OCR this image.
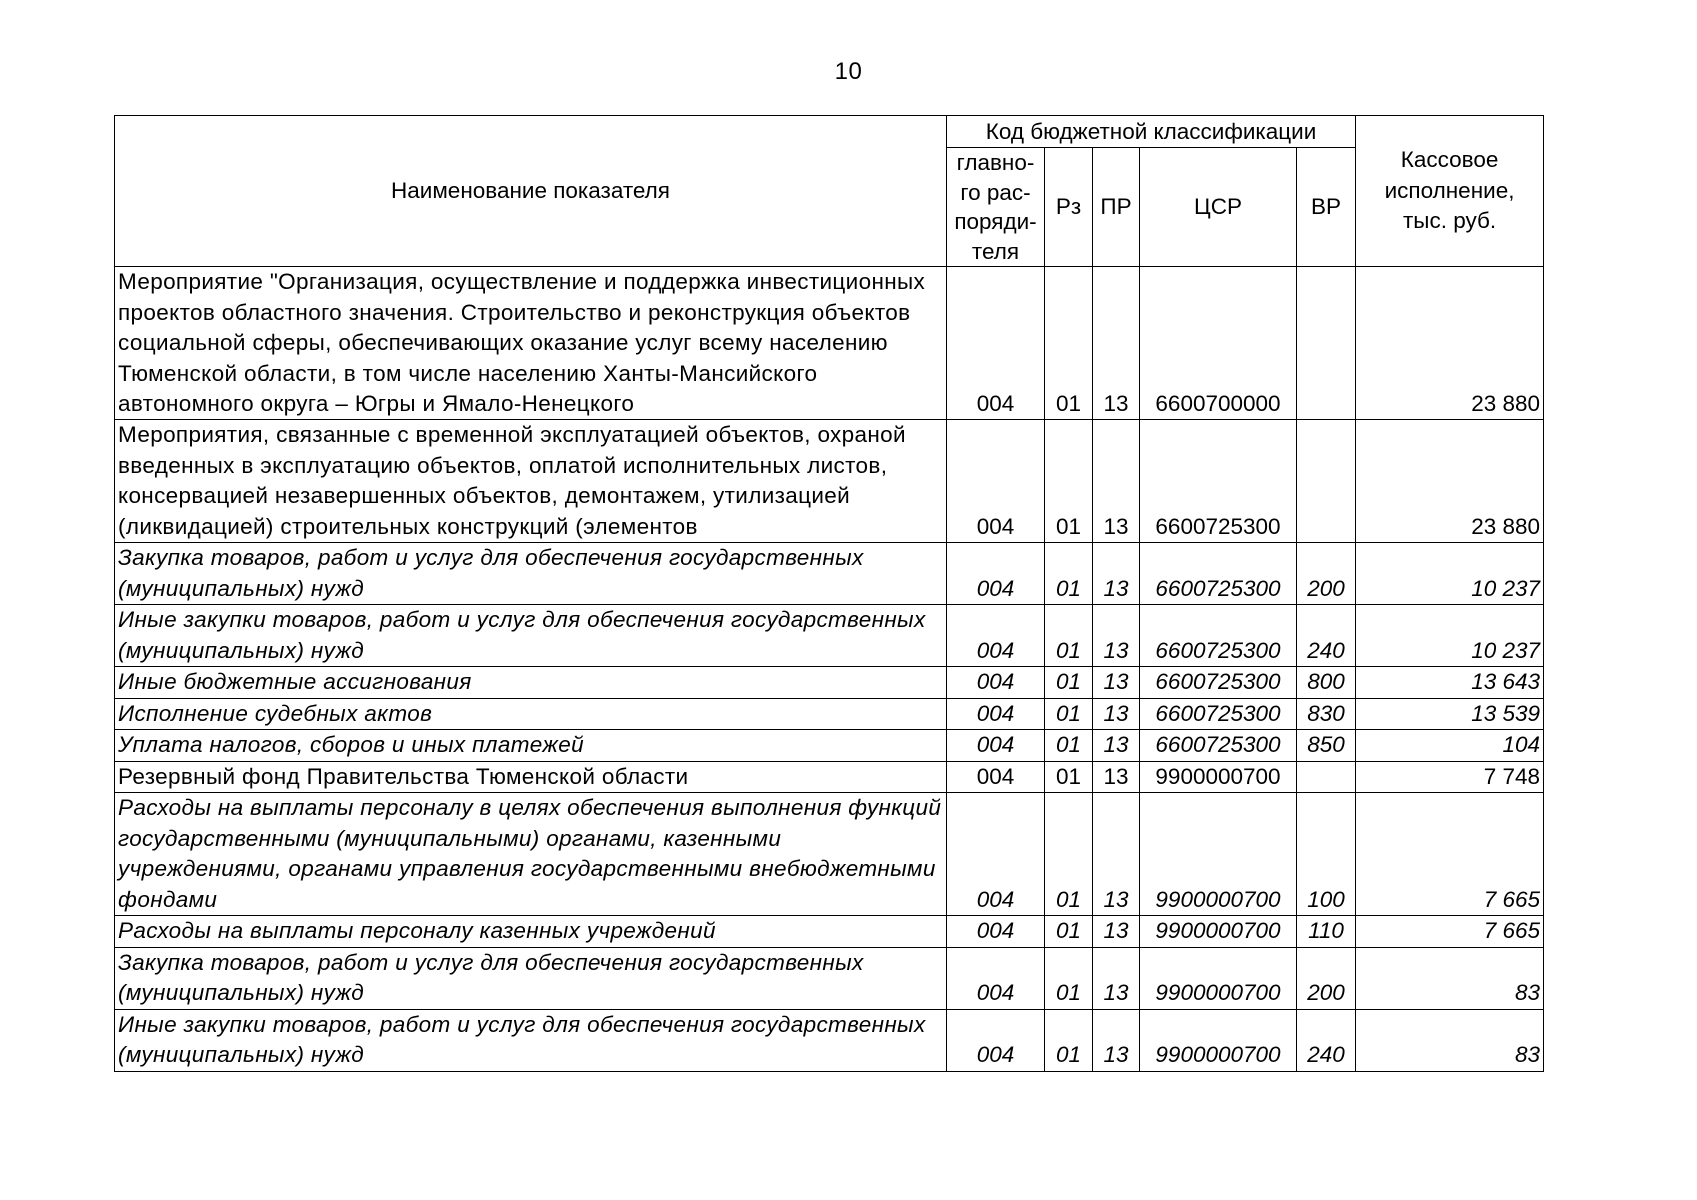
10
Наименование показателя	Код бюджетной классификации					Кассовое
исполнение,
тыс. руб.
	главно-
го рас-
поряди-
теля	Рз	ПР	ЦСР	ВР	

Мероприятие "Организация, осуществление и поддержка инвестиционных проектов областного значения. Строительство и реконструкция объектов социальной сферы, обеспечивающих оказание услуг всему населению Тюменской области, в том числе населению Ханты-Мансийского автономного округа – Югры и Ямало-Ненецкого	004	01	13	6600700000		23 880

Мероприятия, связанные с временной эксплуатацией объектов, охраной введенных в эксплуатацию объектов, оплатой исполнительных листов, консервацией незавершенных объектов, демонтажем, утилизацией (ликвидацией) строительных конструкций (элементов	004	01	13	6600725300		23 880

Закупка товаров, работ и услуг для обеспечения государственных (муниципальных) нужд	004	01	13	6600725300	200	10 237

Иные закупки товаров, работ и услуг для обеспечения государственных (муниципальных) нужд	004	01	13	6600725300	240	10 237

Иные бюджетные ассигнования	004	01	13	6600725300	800	13 643

Исполнение судебных актов	004	01	13	6600725300	830	13 539

Уплата налогов, сборов и иных платежей	004	01	13	6600725300	850	104

Резервный фонд Правительства Тюменской области	004	01	13	9900000700		7 748

Расходы на выплаты персоналу в целях обеспечения выполнения функций государственными (муниципальными) органами, казенными учреждениями, органами управления государственными внебюджетными фондами	004	01	13	9900000700	100	7 665

Расходы на выплаты персоналу казенных учреждений	004	01	13	9900000700	110	7 665

Закупка товаров, работ и услуг для обеспечения государственных (муниципальных) нужд	004	01	13	9900000700	200	83

Иные закупки товаров, работ и услуг для обеспечения государственных (муниципальных) нужд	004	01	13	9900000700	240	83
